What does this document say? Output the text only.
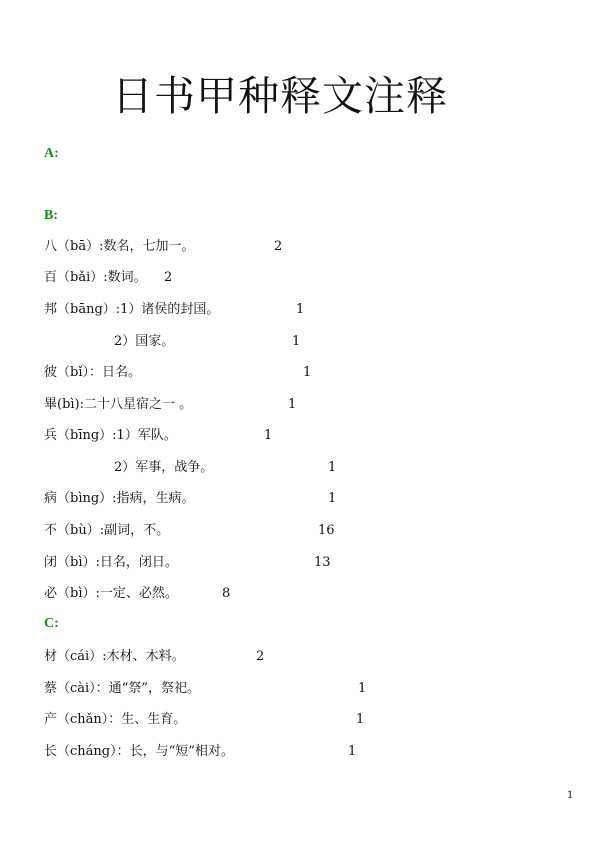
日书甲种释文注释
A:
B:
八（bā）:数名，七加一。	2
百（bǎi）:数词。 2
邦（bāng）:1）诸侯的封国。	1
2）国家。	1
彼（bǐ）：日名。	1
畢(bì):二十八星宿之一 。	1
兵（bīng）:1）军队。	1
2）军事，战争。	1
病（bìng）:指病，生病。	1
不（bù）:副词，不。	16
闭（bì）:日名，闭日。	13
必（bì）:一定、必然。	8
C:
材（cái）:木材、木料。	2
蔡（cài）：通“祭”，祭祀。	1
产（chǎn）：生、生育。	1
长（cháng）：长，与“短”相对。	1
1
